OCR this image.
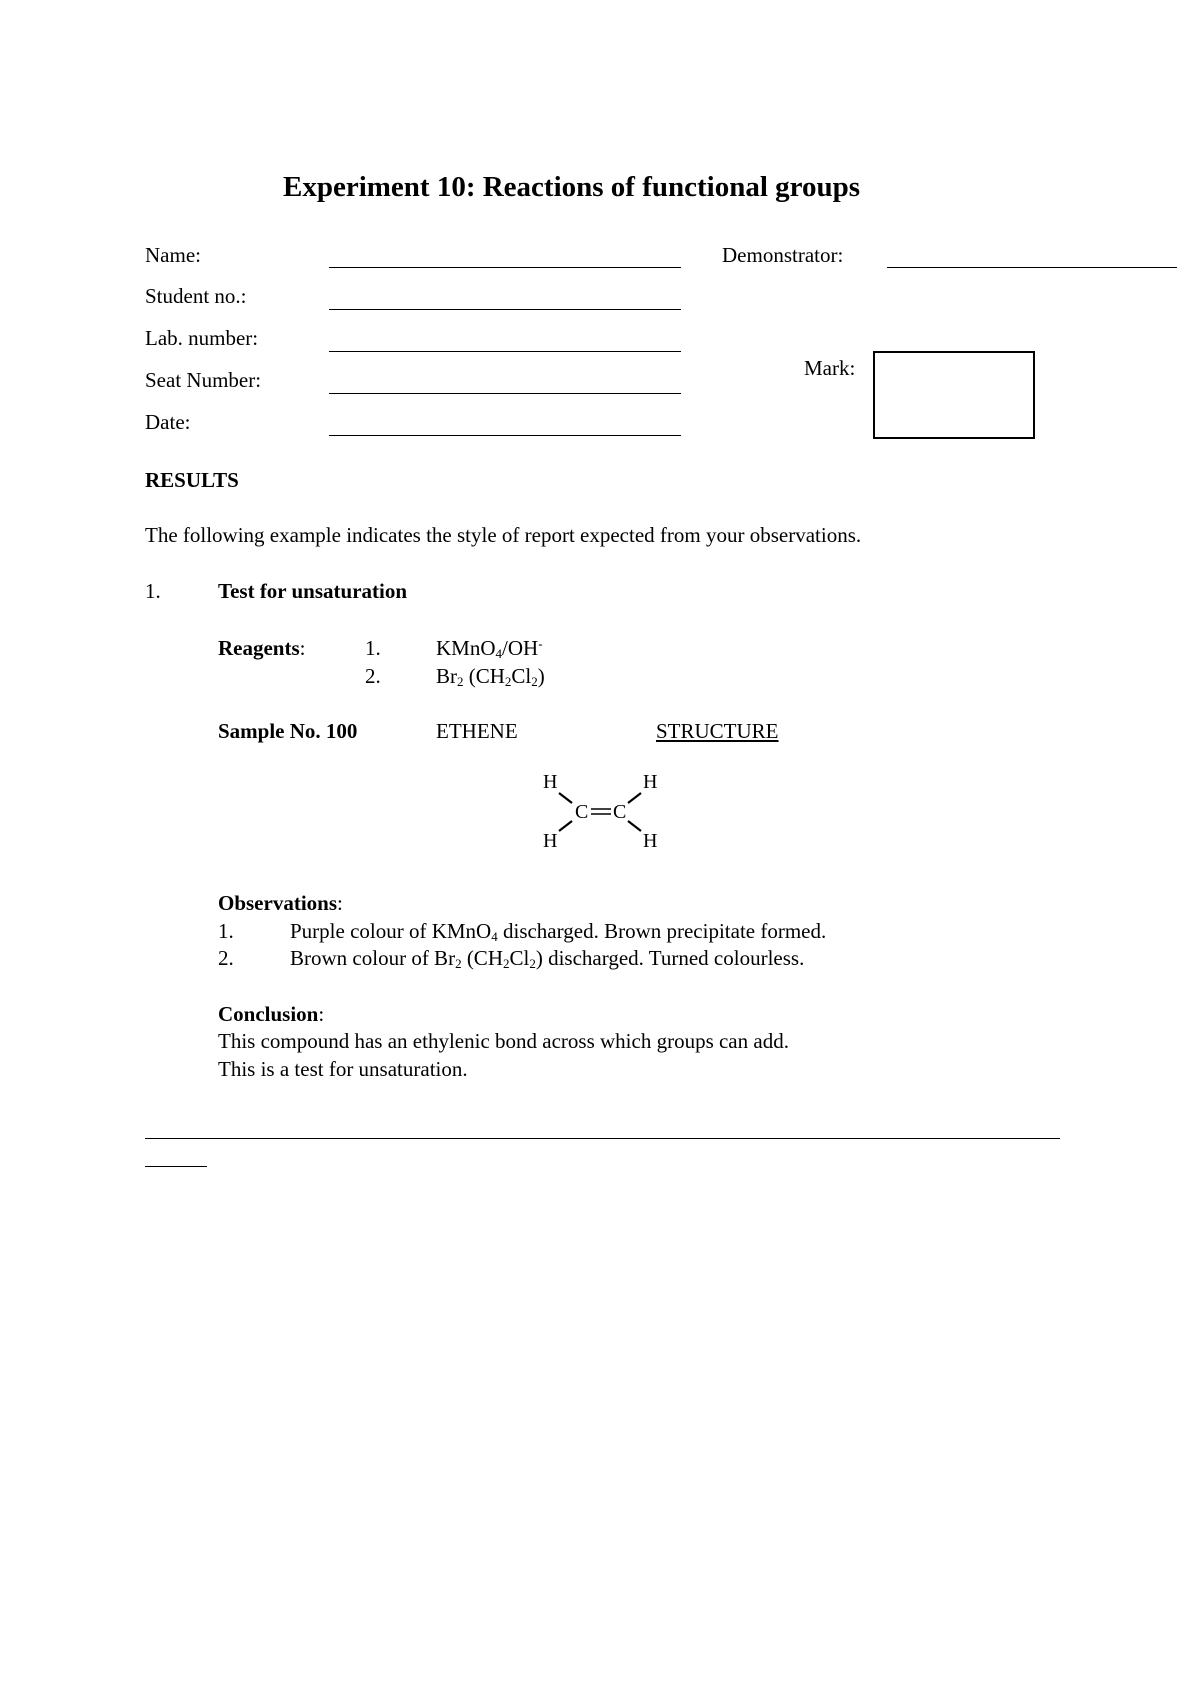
Experiment 10: Reactions of functional groups
Name:	Demonstrator:
Student no.:
Lab. number:
Seat Number:
Date:
Mark:
RESULTS
The following example indicates the style of report expected from your observations.
1.	Test for unsaturation
Reagents:	1.	KMnO$_4$/OH-
2.	$Br_2$ $(CH_2Cl_2)$
Sample No. 100	ETHENE	STRUCTURE
H	H
H	H
C C
Observations:
1.	Purple colour of KMnO$_4$ discharged. Brown precipitate formed.
2.	Brown colour of $Br_2$ $(CH_2Cl_2)$ discharged. Turned colourless.
Conclusion:
This compound has an ethylenic bond across which groups can add.
This is a test for unsaturation.
